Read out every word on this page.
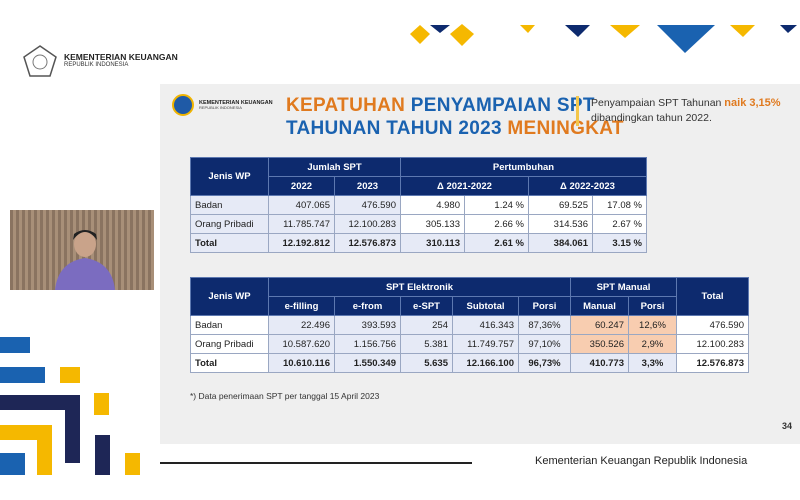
KEMENTERIAN KEUANGAN
REPUBLIK INDONESIA
KEMENTERIAN KEUANGAN
REPUBLIK INDONESIA	KEPATUHAN PENYAMPAIAN SPT
TAHUNAN TAHUN 2023 MENINGKAT
Penyampaian SPT Tahunan naik 3,15%
dibandingkan tahun 2022.
Jenis WP	Jumlah SPT		Pertumbuhan			
	2022	2023	Δ 2021-2022		Δ 2022-2023	
Badan	407.065	476.590	4.980	1.24 %	69.525	17.08 %
Orang Pribadi	11.785.747	12.100.283	305.133	2.66 %	314.536	2.67 %
Total	12.192.812	12.576.873	310.113	2.61 %	384.061	3.15 %
Jenis WP	SPT Elektronik					SPT Manual		Total
	e-filling	e-from	e-SPT	Subtotal	Porsi	Manual	Porsi	
Badan	22.496	393.593	254	416.343	87,36%	60.247	12,6%	476.590
Orang Pribadi	10.587.620	1.156.756	5.381	11.749.757	97,10%	350.526	2,9%	12.100.283
Total	10.610.116	1.550.349	5.635	12.166.100	96,73%	410.773	3,3%	12.576.873
*) Data penerimaan SPT per tanggal 15 April 2023
34
Kementerian Keuangan Republik Indonesia
